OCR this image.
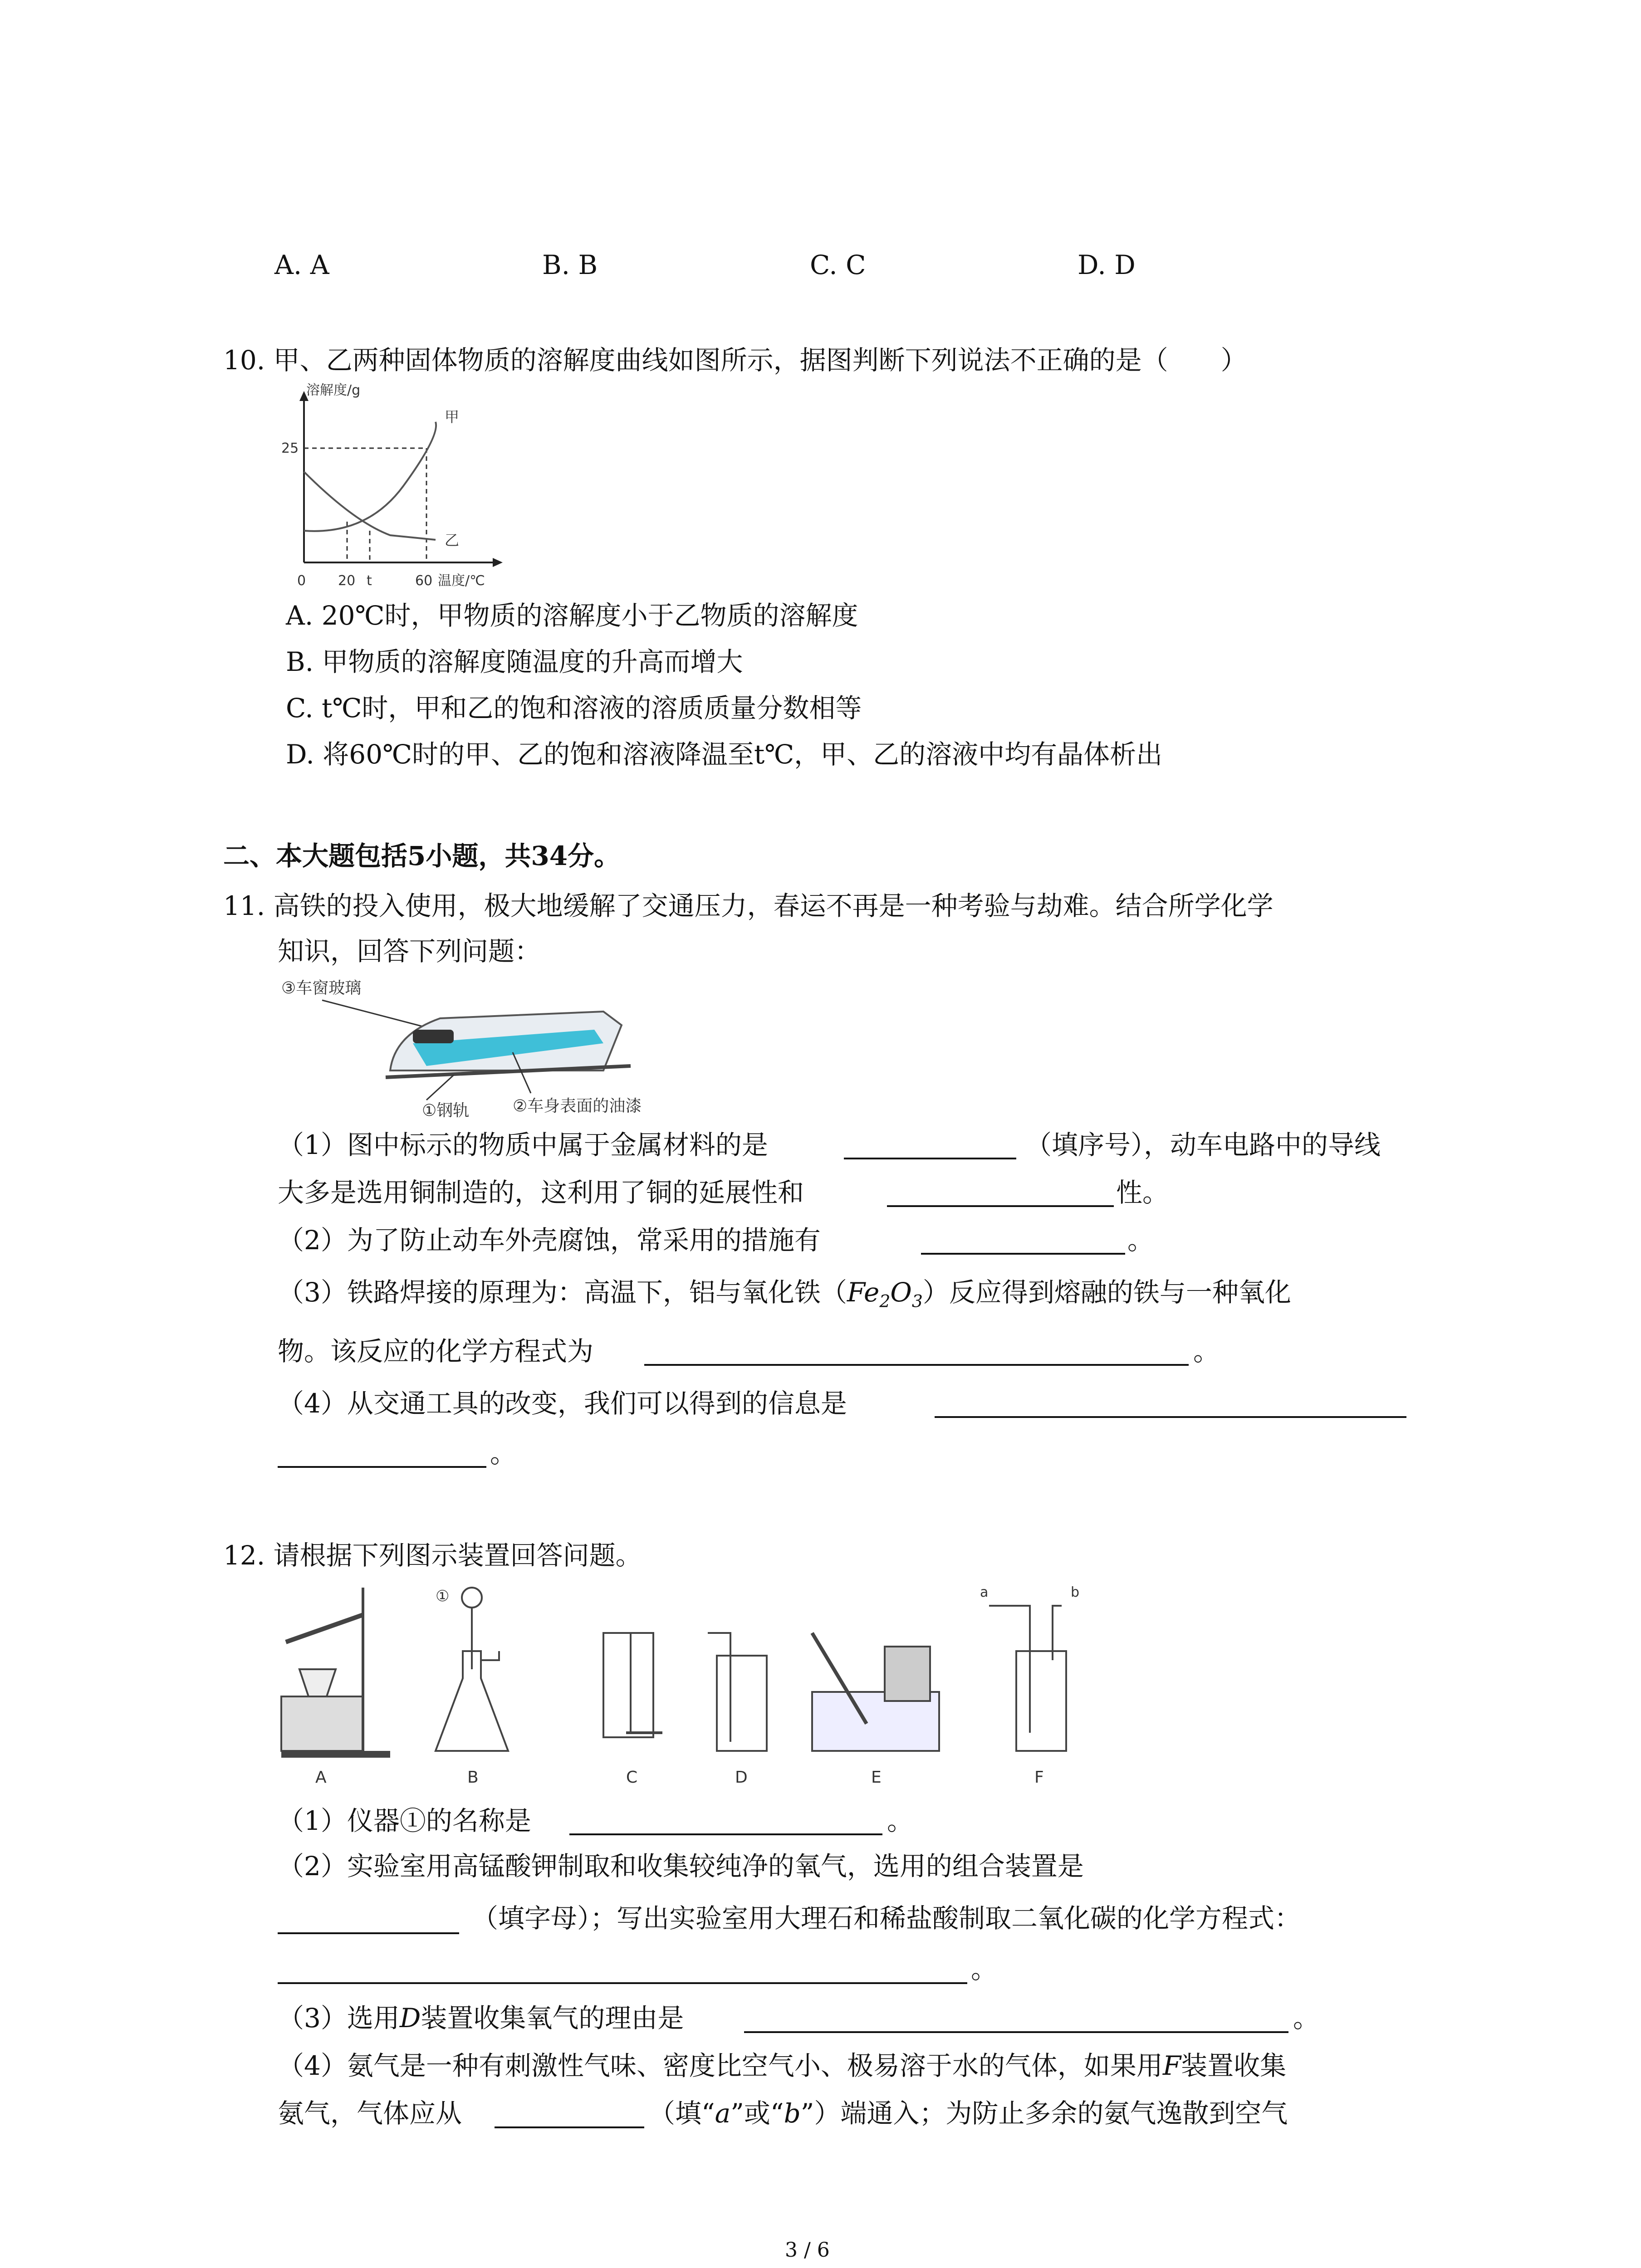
A. A	B. B	C. C	D. D
10. 甲、乙两种固体物质的溶解度曲线如图所示，据图判断下列说法不正确的是（　　）
溶解度/g
25
甲
乙
0 20 t	60 温度/℃
A. 20℃时，甲物质的溶解度小于乙物质的溶解度
B. 甲物质的溶解度随温度的升高而增大
C. t℃时，甲和乙的饱和溶液的溶质质量分数相等
D. 将60℃时的甲、乙的饱和溶液降温至t℃，甲、乙的溶液中均有晶体析出
二、本大题包括5小题，共34分。
11. 高铁的投入使用，极大地缓解了交通压力，春运不再是一种考验与劫难。结合所学化学
知识，回答下列问题：
③车窗玻璃
①钢轨	②车身表面的油漆
（1）图中标示的物质中属于金属材料的是	（填序号），动车电路中的导线
大多是选用铜制造的，这利用了铜的延展性和	性。
（2）为了防止动车外壳腐蚀，常采用的措施有	。
（3）铁路焊接的原理为：高温下，铝与氧化铁$(Fe_2O_3)$反应得到熔融的铁与一种氧化
物。该反应的化学方程式为	。
（4）从交通工具的改变，我们可以得到的信息是
。
12. 请根据下列图示装置回答问题。
A
①
B	C	D	E
a	b
F
（1）仪器①的名称是	。
（2）实验室用高锰酸钾制取和收集较纯净的氧气，选用的组合装置是
（填字母）；写出实验室用大理石和稀盐酸制取二氧化碳的化学方程式：
。
（3）选用D装置收集氧气的理由是	。
（4）氨气是一种有刺激性气味、密度比空气小、极易溶于水的气体，如果用F装置收集
氨气，气体应从	（填“a”或“b”）端通入；为防止多余的氨气逸散到空气
3 / 6
